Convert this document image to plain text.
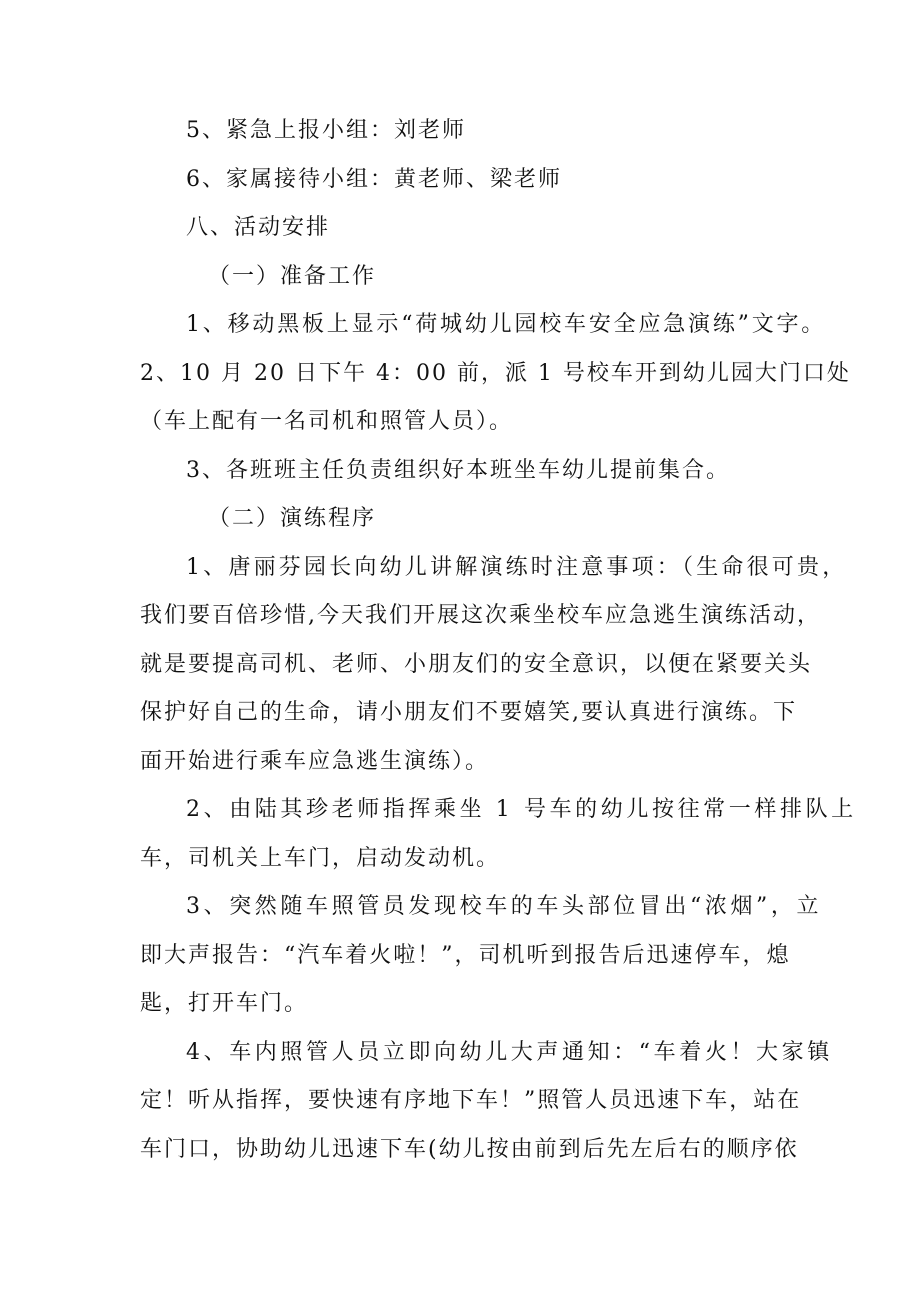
5、紧急上报小组：刘老师
6、家属接待小组：黄老师、梁老师
八、活动安排
（一）准备工作
1、移动黑板上显示“荷城幼儿园校车安全应急演练”文字。
2、10 月 20 日下午 4：00 前，派 1 号校车开到幼儿园大门口处
（车上配有一名司机和照管人员）。
3、各班班主任负责组织好本班坐车幼儿提前集合。
（二）演练程序
1、唐丽芬园长向幼儿讲解演练时注意事项：（生命很可贵，
我们要百倍珍惜,今天我们开展这次乘坐校车应急逃生演练活动，
就是要提高司机、老师、小朋友们的安全意识，以便在紧要关头
保护好自己的生命，请小朋友们不要嬉笑,要认真进行演练。下
面开始进行乘车应急逃生演练）。
2、由陆其珍老师指挥乘坐 1 号车的幼儿按往常一样排队上
车，司机关上车门，启动发动机。
3、突然随车照管员发现校车的车头部位冒出“浓烟”，立
即大声报告：“汽车着火啦！”，司机听到报告后迅速停车，熄
匙，打开车门。
4、车内照管人员立即向幼儿大声通知：“车着火！大家镇
定！听从指挥，要快速有序地下车！”照管人员迅速下车，站在
车门口，协助幼儿迅速下车(幼儿按由前到后先左后右的顺序依
